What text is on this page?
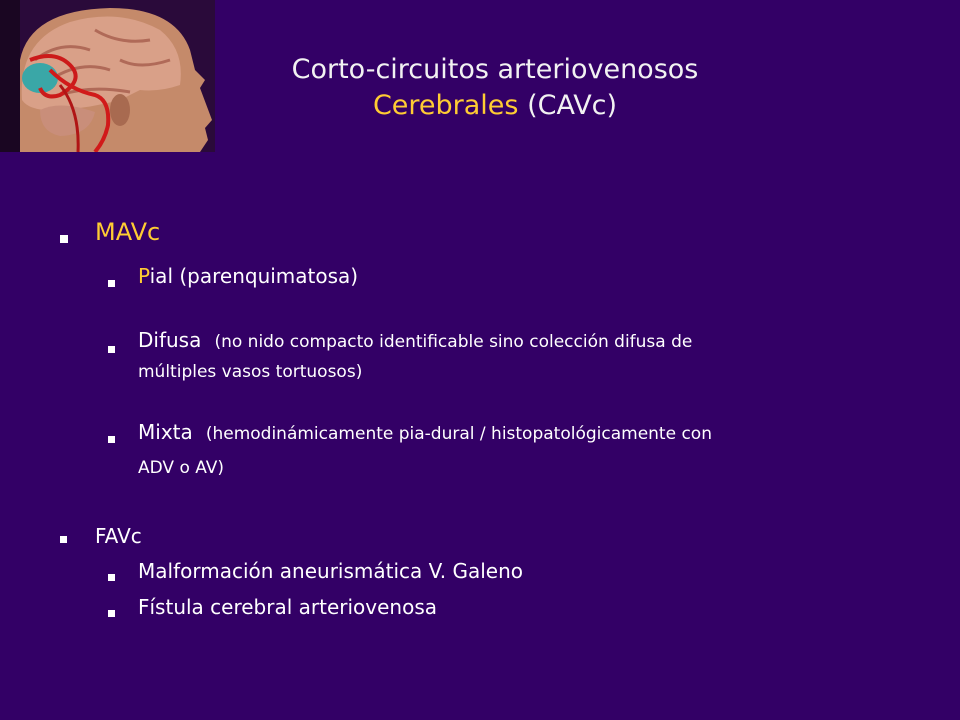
Corto-circuitos arteriovenosos
Cerebrales (CAVc)
MAVc
Pial (parenquimatosa)
Difusa (no nido compacto identificable sino colección difusa de
múltiples vasos tortuosos)
Mixta (hemodinámicamente pia-dural / histopatológicamente con
ADV o AV)
FAVc
Malformación aneurismática V. Galeno
Fístula cerebral arteriovenosa
